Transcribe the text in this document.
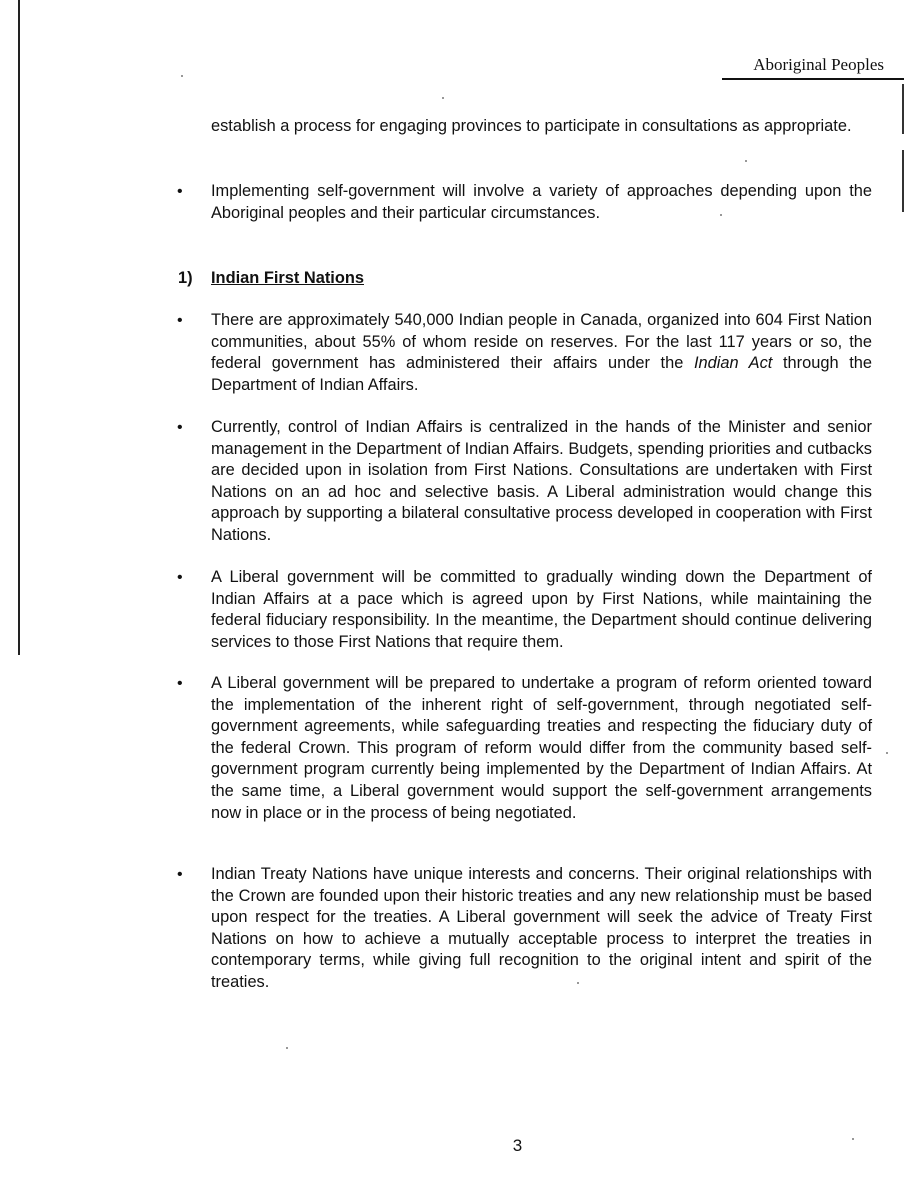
Aboriginal Peoples

establish a process for engaging provinces to participate in consultations as appropriate.

• Implementing self-government will involve a variety of approaches depending upon the Aboriginal peoples and their particular circumstances.

1) Indian First Nations
• There are approximately 540,000 Indian people in Canada, organized into 604 First Nation communities, about 55% of whom reside on reserves. For the last 117 years or so, the federal government has administered their affairs under the Indian Act through the Department of Indian Affairs.

• Currently, control of Indian Affairs is centralized in the hands of the Minister and senior management in the Department of Indian Affairs. Budgets, spending priorities and cutbacks are decided upon in isolation from First Nations. Consultations are undertaken with First Nations on an ad hoc and selective basis. A Liberal administration would change this approach by supporting a bilateral consultative process developed in cooperation with First Nations.

• A Liberal government will be committed to gradually winding down the Department of Indian Affairs at a pace which is agreed upon by First Nations, while maintaining the federal fiduciary responsibility. In the meantime, the Department should continue delivering services to those First Nations that require them.

• A Liberal government will be prepared to undertake a program of reform oriented toward the implementation of the inherent right of self-government, through negotiated self-government agreements, while safeguarding treaties and respecting the fiduciary duty of the federal Crown. This program of reform would differ from the community based self-government program currently being implemented by the Department of Indian Affairs. At the same time, a Liberal government would support the self-government arrangements now in place or in the process of being negotiated.

• Indian Treaty Nations have unique interests and concerns. Their original relationships with the Crown are founded upon their historic treaties and any new relationship must be based upon respect for the treaties. A Liberal government will seek the advice of Treaty First Nations on how to achieve a mutually acceptable process to interpret the treaties in contemporary terms, while giving full recognition to the original intent and spirit of the treaties.

3
